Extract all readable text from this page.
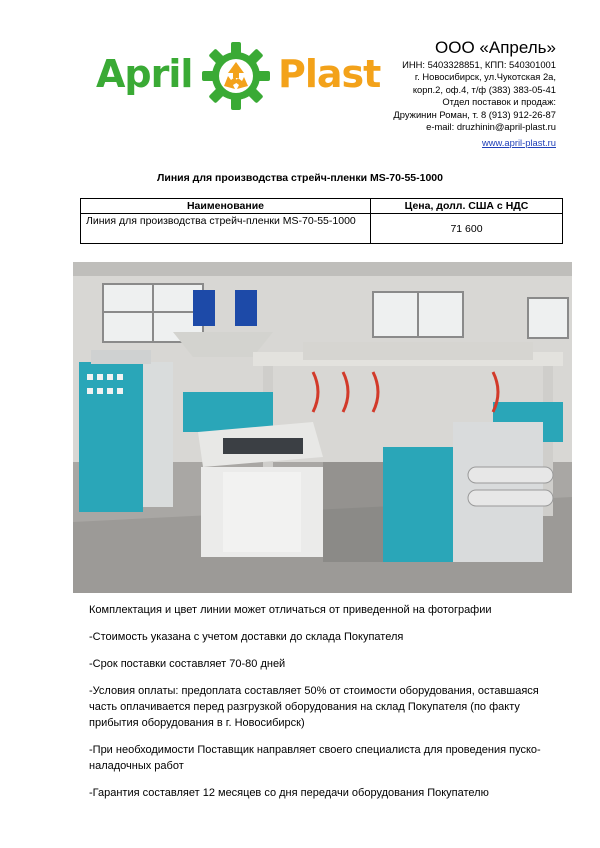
April Plast
ООО «Апрель»
ИНН: 5403328851, КПП: 540301001
г. Новосибирск, ул.Чукотская 2а,
корп.2, оф.4, т/ф (383) 383-05-41
Отдел поставок и продаж:
Дружинин Роман, т. 8 (913) 912-26-87
e-mail: druzhinin@april-plast.ru
www.april-plast.ru
Линия для производства стрейч-пленки MS-70-55-1000
Наименование	Цена, долл. США с НДС
Линия для производства стрейч-пленки MS-70-55-1000	71 600

Комплектация и цвет линии может отличаться от приведенной на фотографии

-Стоимость указана с учетом доставки до склада Покупателя

-Срок поставки составляет 70-80 дней

-Условия оплаты: предоплата составляет 50% от стоимости оборудования, оставшаяся часть оплачивается перед разгрузкой оборудования на склад Покупателя (по факту прибытия оборудования в г. Новосибирск)

-При необходимости Поставщик направляет своего специалиста для проведения пуско-наладочных работ

-Гарантия составляет 12 месяцев со дня передачи оборудования Покупателю
